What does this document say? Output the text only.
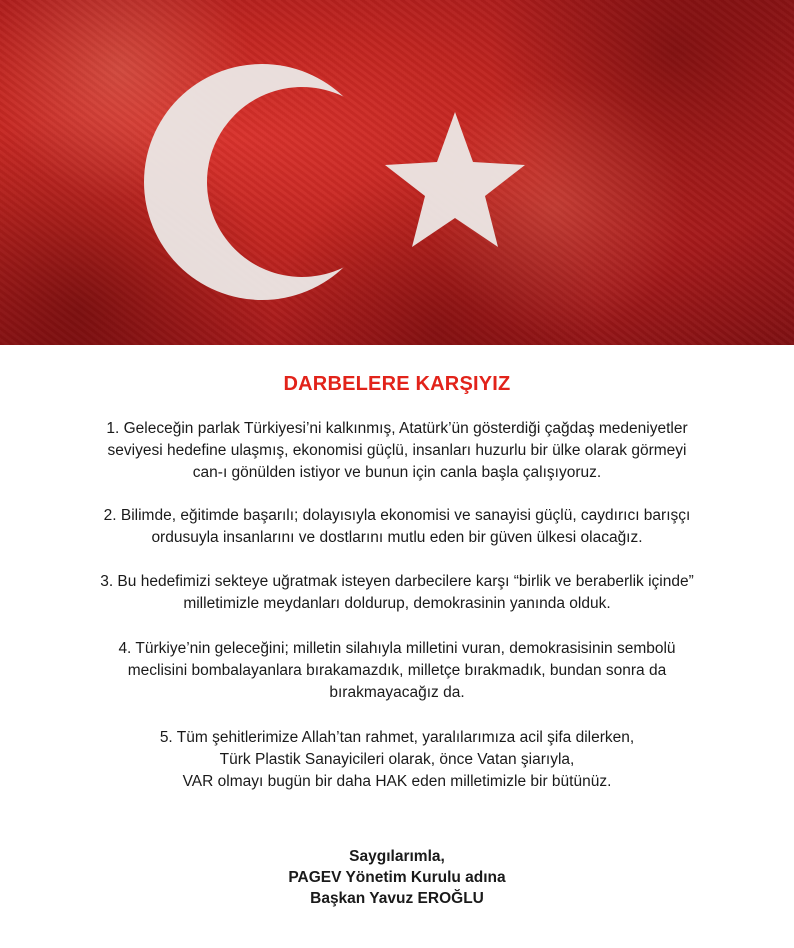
DARBELERE KARŞIYIZ

1. Geleceğin parlak Türkiyesi’ni kalkınmış, Atatürk’ün gösterdiği çağdaş medeniyetler

seviyesi hedefine ulaşmış, ekonomisi güçlü, insanları huzurlu bir ülke olarak görmeyi

can-ı gönülden istiyor ve bunun için canla başla çalışıyoruz.

2. Bilimde, eğitimde başarılı; dolayısıyla ekonomisi ve sanayisi güçlü, caydırıcı barışçı

ordusuyla insanlarını ve dostlarını mutlu eden bir güven ülkesi olacağız.

3. Bu hedefimizi sekteye uğratmak isteyen darbecilere karşı “birlik ve beraberlik içinde”

milletimizle meydanları doldurup, demokrasinin yanında olduk.

4. Türkiye’nin geleceğini; milletin silahıyla milletini vuran, demokrasisinin sembolü

meclisini bombalayanlara bırakamazdık, milletçe bırakmadık, bundan sonra da

bırakmayacağız da.

5. Tüm şehitlerimize Allah’tan rahmet, yaralılarımıza acil şifa dilerken,

Türk Plastik Sanayicileri olarak, önce Vatan şiarıyla,

VAR olmayı bugün bir daha HAK eden milletimizle bir bütünüz.

Saygılarımla,

PAGEV Yönetim Kurulu adına

Başkan Yavuz EROĞLU
